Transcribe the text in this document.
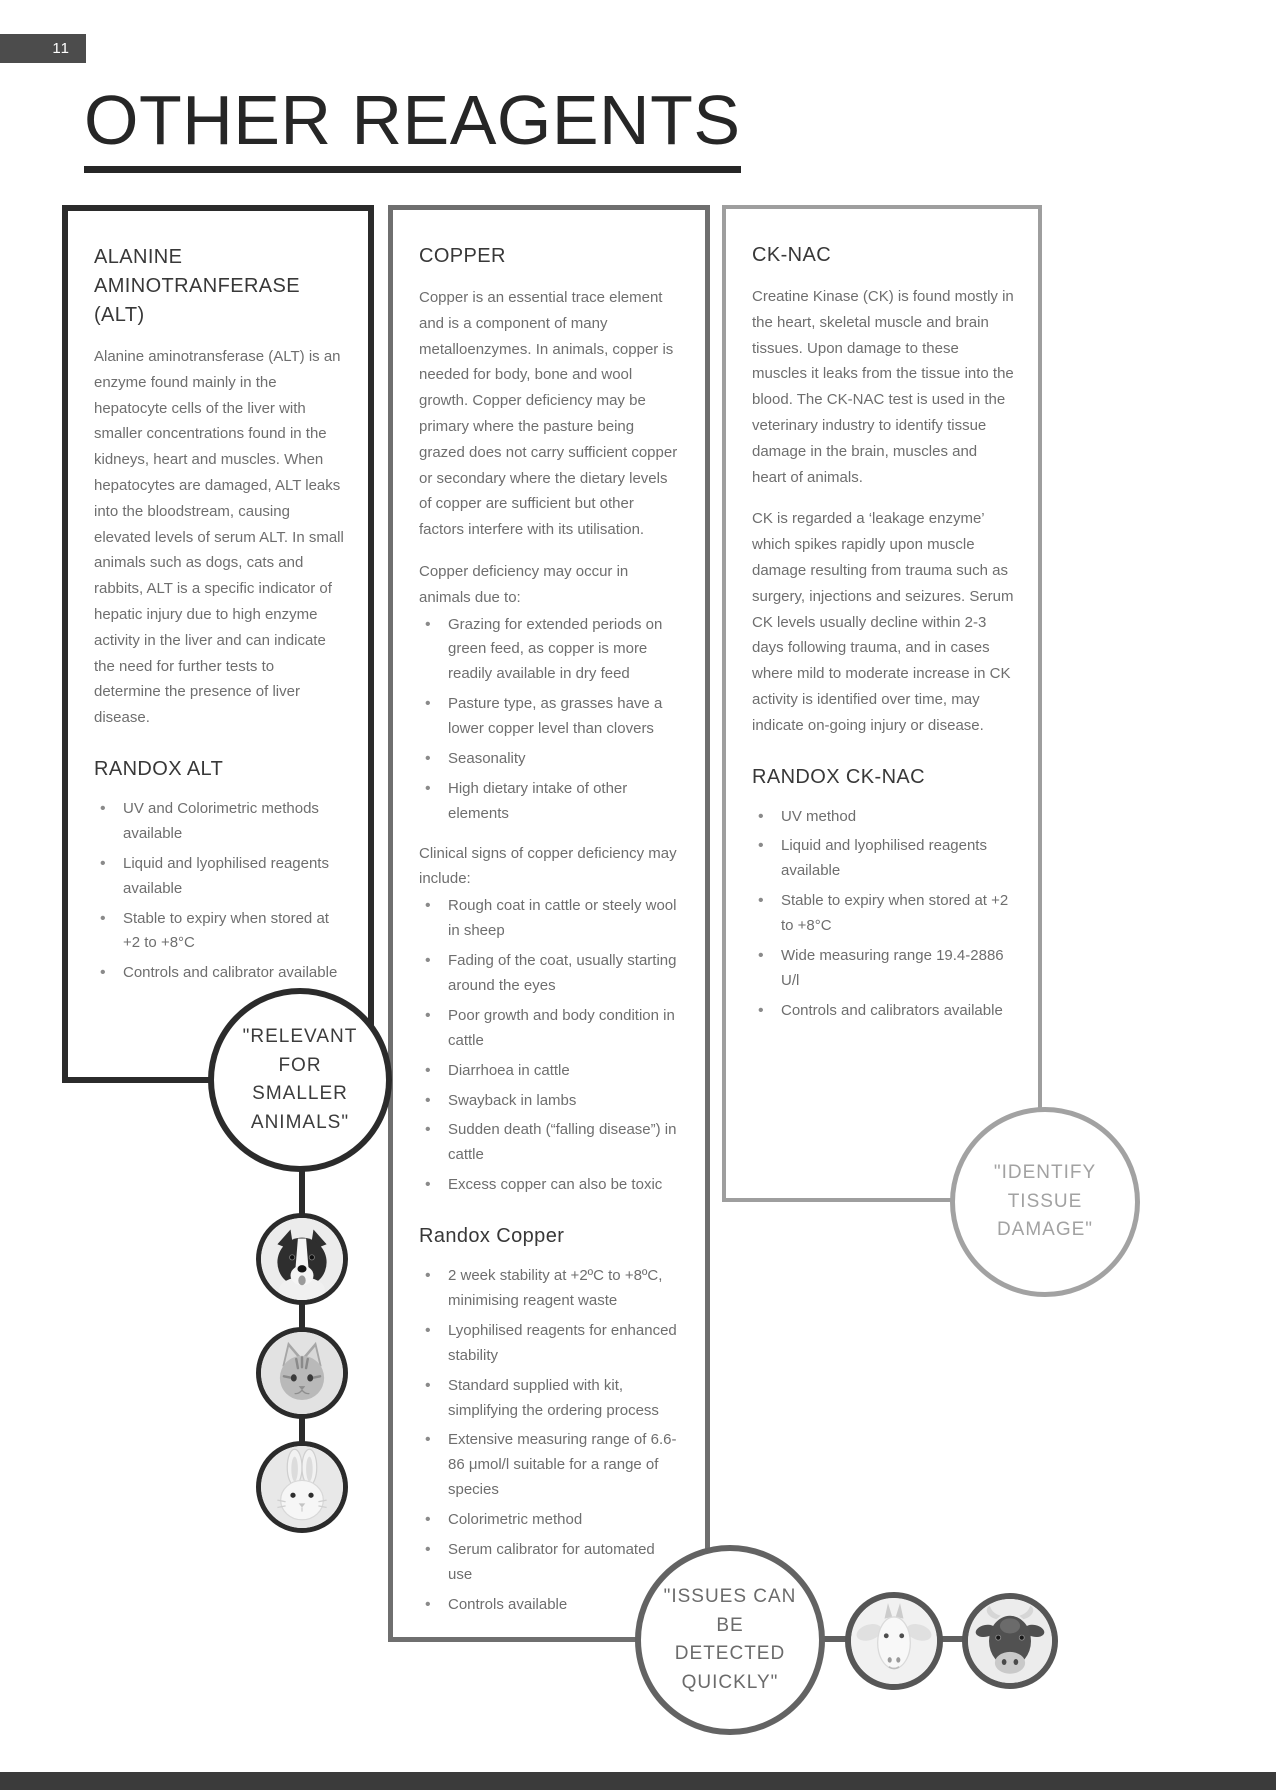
11
OTHER REAGENTS
ALANINE AMINOTRANFERASE (ALT)

Alanine aminotransferase (ALT) is an enzyme found mainly in the hepatocyte cells of the liver with smaller concentrations found in the kidneys, heart and muscles. When hepatocytes are damaged, ALT leaks into the bloodstream, causing elevated levels of serum ALT. In small animals such as dogs, cats and rabbits, ALT is a specific indicator of hepatic injury due to high enzyme activity in the liver and can indicate the need for further tests to determine the presence of liver disease.

RANDOX ALT
• UV and Colorimetric methods available
• Liquid and lyophilised reagents available
• Stable to expiry when stored at +2 to +8°C
• Controls and calibrator available
COPPER

Copper is an essential trace element and is a component of many metalloenzymes. In animals, copper is needed for body, bone and wool growth. Copper deficiency may be primary where the pasture being grazed does not carry sufficient copper or secondary where the dietary levels of copper are sufficient but other factors interfere with its utilisation.

Copper deficiency may occur in animals due to:

• Grazing for extended periods on green feed, as copper is more readily available in dry feed
• Pasture type, as grasses have a lower copper level than clovers
• Seasonality
• High dietary intake of other elements

Clinical signs of copper deficiency may include:

• Rough coat in cattle or steely wool in sheep
• Fading of the coat, usually starting around the eyes
• Poor growth and body condition in cattle
• Diarrhoea in cattle
• Swayback in lambs
• Sudden death (“falling disease”) in cattle
• Excess copper can also be toxic
Randox Copper
• 2 week stability at +2ºC to +8ºC, minimising reagent waste
• Lyophilised reagents for enhanced stability
• Standard supplied with kit, simplifying the ordering process
• Extensive measuring range of 6.6-86 μmol/l suitable for a range of species
• Colorimetric method
• Serum calibrator for automated use
• Controls available
CK-NAC

Creatine Kinase (CK) is found mostly in the heart, skeletal muscle and brain tissues. Upon damage to these muscles it leaks from the tissue into the blood. The CK-NAC test is used in the veterinary industry to identify tissue damage in the brain, muscles and heart of animals.

CK is regarded a ‘leakage enzyme’ which spikes rapidly upon muscle damage resulting from trauma such as surgery, injections and seizures. Serum CK levels usually decline within 2-3 days following trauma, and in cases where mild to moderate increase in CK activity is identified over time, may indicate on-going injury or disease.

RANDOX CK-NAC
• UV method
• Liquid and lyophilised reagents available
• Stable to expiry when stored at +2 to +8°C
• Wide measuring range 19.4-2886 U/l
• Controls and calibrators available
"RELEVANT FOR SMALLER ANIMALS"
"ISSUES CAN BE DETECTED QUICKLY"
"IDENTIFY TISSUE DAMAGE"
